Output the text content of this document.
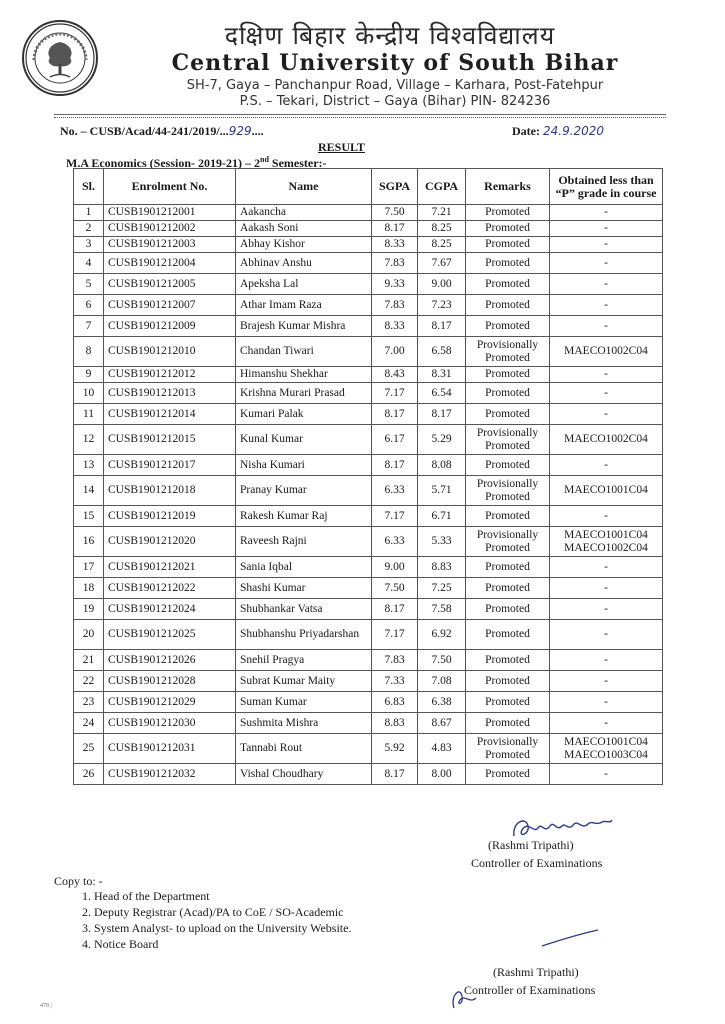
दक्षिण बिहार केन्द्रीय विश्वविद्यालय
Central University of South Bihar
SH-7, Gaya – Panchanpur Road, Village – Karhara, Post-Fatehpur
P.S. – Tekari, District – Gaya (Bihar) PIN- 824236
No. – CUSB/Acad/44-241/2019/...929....	Date: 24.9.2020
RESULT
M.A Economics (Session- 2019-21) – 2nd Semester:-
Sl.	Enrolment No.	Name	SGPA	CGPA	Remarks	Obtained less than “P” grade in course
1	CUSB1901212001	Aakancha	7.50	7.21	Promoted	-
2	CUSB1901212002	Aakash Soni	8.17	8.25	Promoted	-
3	CUSB1901212003	Abhay Kishor	8.33	8.25	Promoted	-
4	CUSB1901212004	Abhinav Anshu	7.83	7.67	Promoted	-
5	CUSB1901212005	Apeksha Lal	9.33	9.00	Promoted	-
6	CUSB1901212007	Athar Imam Raza	7.83	7.23	Promoted	-
7	CUSB1901212009	Brajesh Kumar Mishra	8.33	8.17	Promoted	-
8	CUSB1901212010	Chandan Tiwari	7.00	6.58	Provisionally Promoted	MAECO1002C04
9	CUSB1901212012	Himanshu Shekhar	8.43	8.31	Promoted	-
10	CUSB1901212013	Krishna Murari Prasad	7.17	6.54	Promoted	-
11	CUSB1901212014	Kumari Palak	8.17	8.17	Promoted	-
12	CUSB1901212015	Kunal Kumar	6.17	5.29	Provisionally Promoted	MAECO1002C04
13	CUSB1901212017	Nisha Kumari	8.17	8.08	Promoted	-
14	CUSB1901212018	Pranay Kumar	6.33	5.71	Provisionally Promoted	MAECO1001C04
15	CUSB1901212019	Rakesh Kumar Raj	7.17	6.71	Promoted	-
16	CUSB1901212020	Raveesh Rajni	6.33	5.33	Provisionally Promoted	MAECO1001C04 MAECO1002C04
17	CUSB1901212021	Sania Iqbal	9.00	8.83	Promoted	-
18	CUSB1901212022	Shashi Kumar	7.50	7.25	Promoted	-
19	CUSB1901212024	Shubhankar Vatsa	8.17	7.58	Promoted	-
20	CUSB1901212025	Shubhanshu Priyadarshan	7.17	6.92	Promoted	-
21	CUSB1901212026	Snehil Pragya	7.83	7.50	Promoted	-
22	CUSB1901212028	Subrat Kumar Maity	7.33	7.08	Promoted	-
23	CUSB1901212029	Suman Kumar	6.83	6.38	Promoted	-
24	CUSB1901212030	Sushmita Mishra	8.83	8.67	Promoted	-
25	CUSB1901212031	Tannabi Rout	5.92	4.83	Provisionally Promoted	MAECO1001C04 MAECO1003C04
26	CUSB1901212032	Vishal Choudhary	8.17	8.00	Promoted	-
(Rashmi Tripathi)
Controller of Examinations
Copy to: -
1. Head of the Department
2. Deputy Registrar (Acad)/PA to CoE / SO-Academic
3. System Analyst- to upload on the University Website.
4. Notice Board
(Rashmi Tripathi)
Controller of Examinations
478 |
